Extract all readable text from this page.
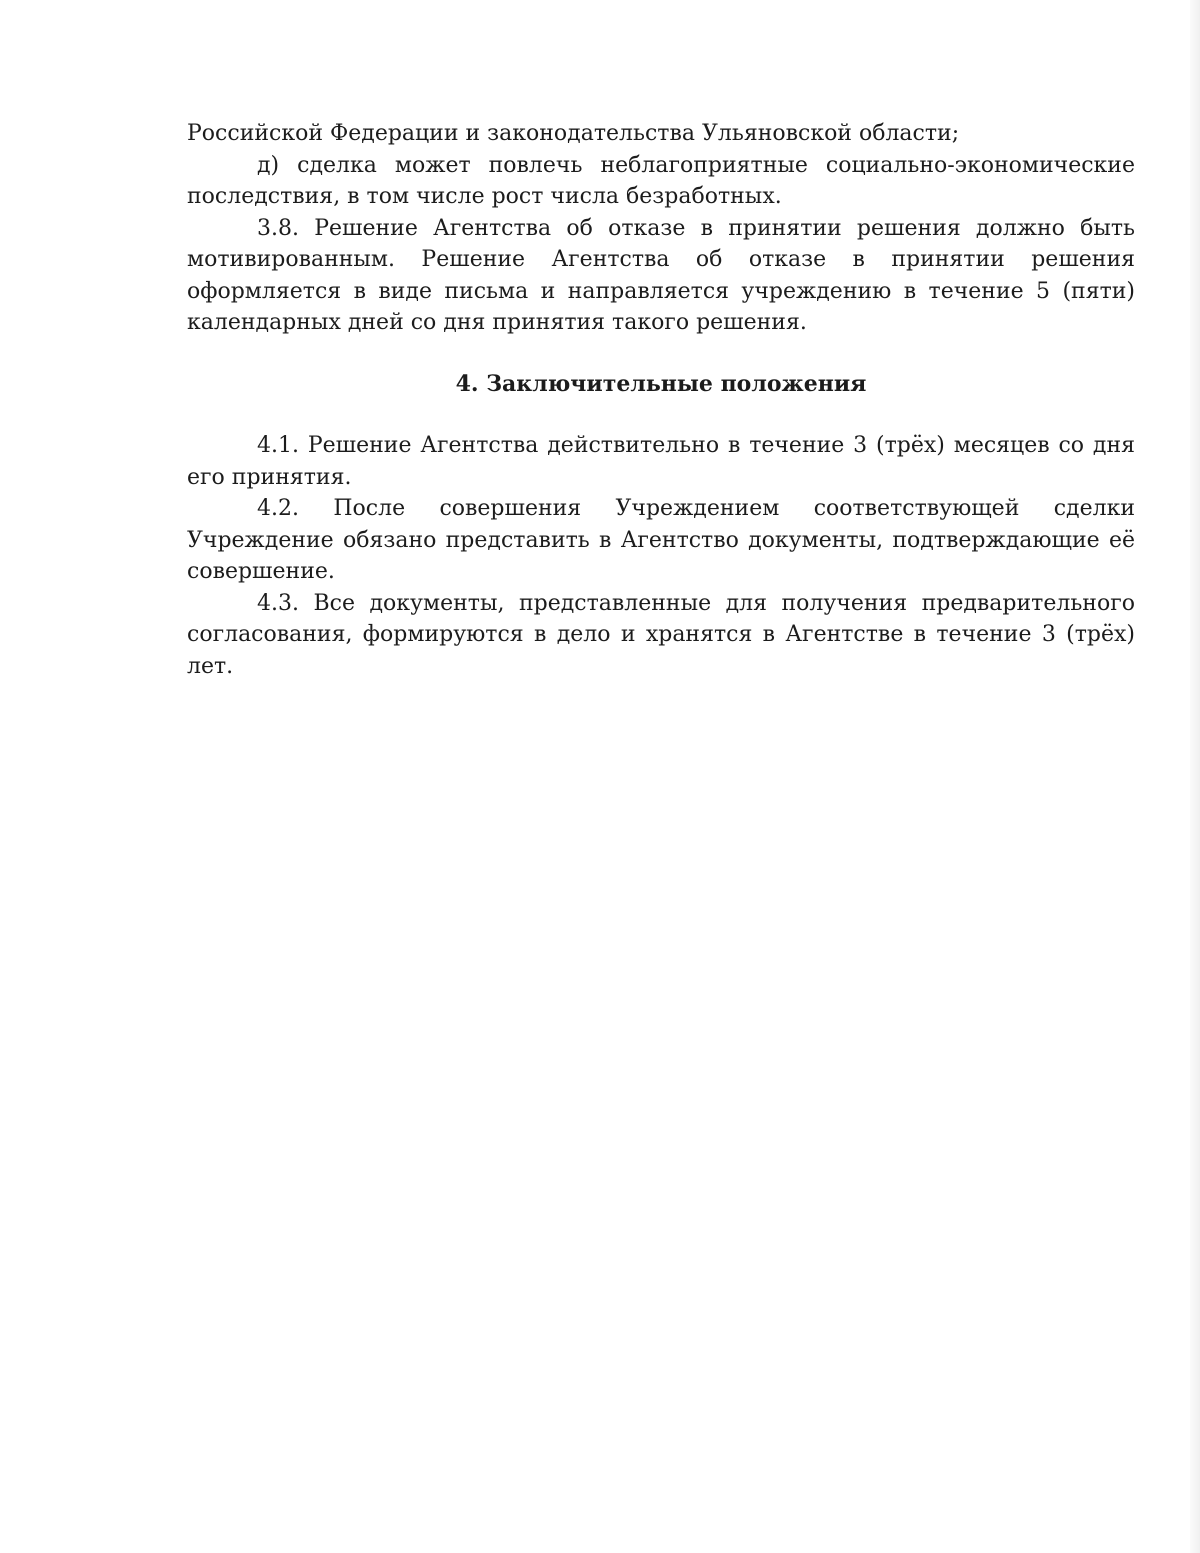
Российской Федерации и законодательства Ульяновской области;

д) сделка может повлечь неблагоприятные социально-экономические последствия, в том числе рост числа безработных.

3.8. Решение Агентства об отказе в принятии решения должно быть мотивированным. Решение Агентства об отказе в принятии решения оформляется в виде письма и направляется учреждению в течение 5 (пяти) календарных дней со дня принятия такого решения.

4. Заключительные положения

4.1. Решение Агентства действительно в течение 3 (трёх) месяцев со дня его принятия.

4.2. После совершения Учреждением соответствующей сделки Учреждение обязано представить в Агентство документы, подтверждающие её совершение.

4.3. Все документы, представленные для получения предварительного согласования, формируются в дело и хранятся в Агентстве в течение 3 (трёх) лет.
